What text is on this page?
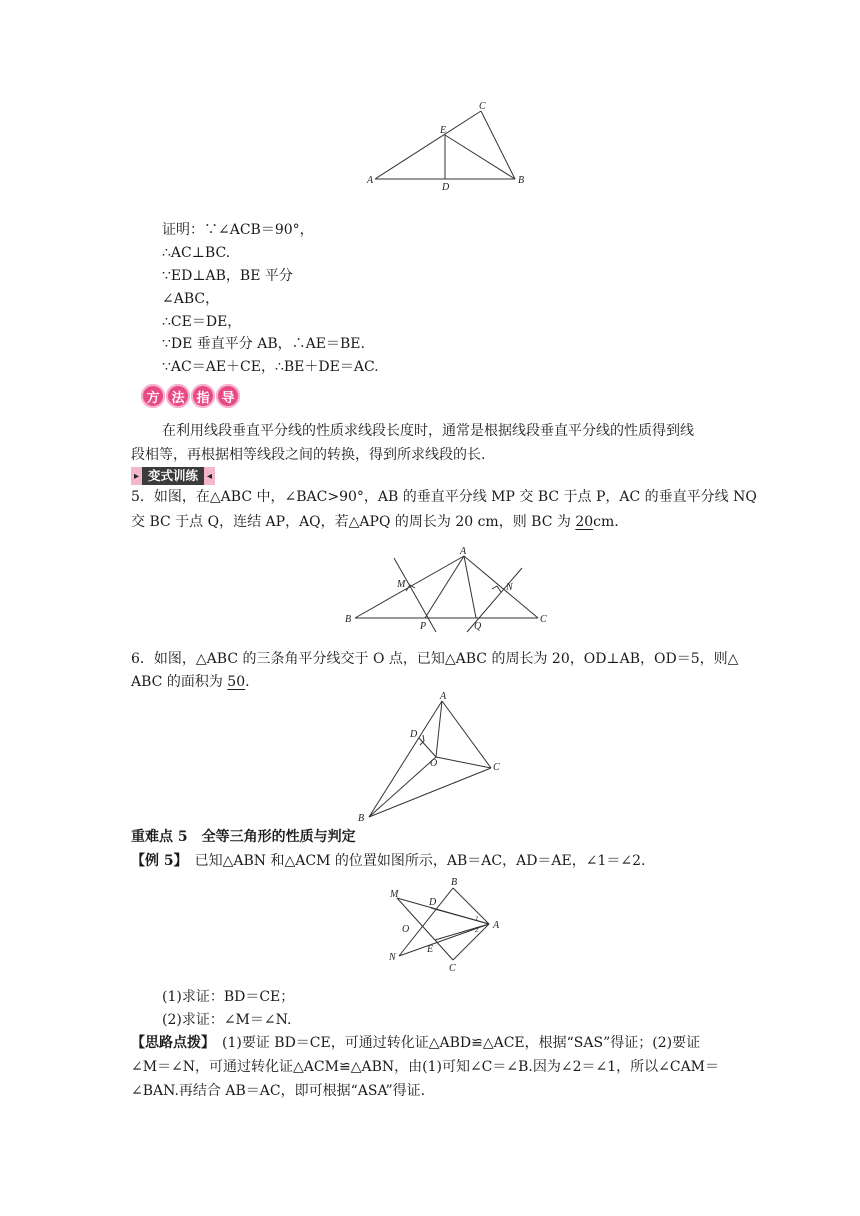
A	B
C
D
E
证明：∵∠ACB＝90°，
∴AC⊥BC.
∵ED⊥AB，BE 平分
∠ABC，
∴CE＝DE，
∵DE 垂直平分 AB，∴AE＝BE.
∵AC＝AE＋CE，∴BE＋DE＝AC.
方 法 指 导
在利用线段垂直平分线的性质求线段长度时，通常是根据线段垂直平分线的性质得到线
段相等，再根据相等线段之间的转换，得到所求线段的长.
▸ 变式训练 ◂
5．如图，在△ABC 中，∠BAC>90°，AB 的垂直平分线 MP 交 BC 于点 P，AC 的垂直平分线 NQ
交 BC 于点 Q，连结 AP，AQ，若△APQ 的周长为 20 cm，则 BC 为 20cm.
A
B	C
M	N
P	Q
6．如图，△ABC 的三条角平分线交于 O 点，已知△ABC 的周长为 20，OD⊥AB，OD＝5，则△
ABC 的面积为 50.
A
B
C
D
O
重难点 5　全等三角形的性质与判定
【例 5】　已知△ABN 和△ACM 的位置如图所示，AB＝AC，AD＝AE，∠1＝∠2.
M
B
D
O	A
N
E
C
1
2
(1)求证：BD＝CE；
(2)求证：∠M＝∠N.
【思路点拨】　(1)要证 BD＝CE，可通过转化证△ABD≌△ACE，根据“SAS”得证；(2)要证
∠M＝∠N，可通过转化证△ACM≌△ABN，由(1)可知∠C＝∠B.因为∠2＝∠1，所以∠CAM＝
∠BAN.再结合 AB＝AC，即可根据“ASA”得证.
